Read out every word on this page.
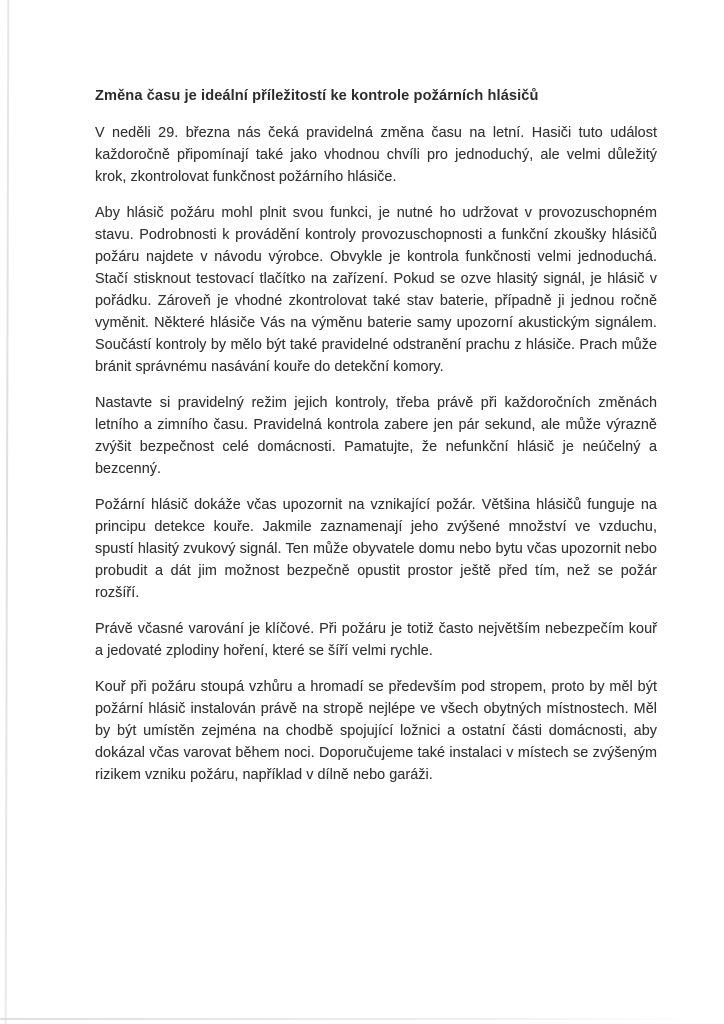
Změna času je ideální příležitostí ke kontrole požárních hlásičů

V neděli 29. března nás čeká pravidelná změna času na letní. Hasiči tuto událost každoročně připomínají také jako vhodnou chvíli pro jednoduchý, ale velmi důležitý krok, zkontrolovat funkčnost požárního hlásiče.

Aby hlásič požáru mohl plnit svou funkci, je nutné ho udržovat v provozuschopném stavu. Podrobnosti k provádění kontroly provozuschopnosti a funkční zkoušky hlásičů požáru najdete v návodu výrobce. Obvykle je kontrola funkčnosti velmi jednoduchá. Stačí stisknout testovací tlačítko na zařízení. Pokud se ozve hlasitý signál, je hlásič v pořádku. Zároveň je vhodné zkontrolovat také stav baterie, případně ji jednou ročně vyměnit. Některé hlásiče Vás na výměnu baterie samy upozorní akustickým signálem. Součástí kontroly by mělo být také pravidelné odstranění prachu z hlásiče. Prach může bránit správnému nasávání kouře do detekční komory.

Nastavte si pravidelný režim jejich kontroly, třeba právě při každoročních změnách letního a zimního času. Pravidelná kontrola zabere jen pár sekund, ale může výrazně zvýšit bezpečnost celé domácnosti. Pamatujte, že nefunkční hlásič je neúčelný a bezcenný.

Požární hlásič dokáže včas upozornit na vznikající požár. Většina hlásičů funguje na principu detekce kouře. Jakmile zaznamenají jeho zvýšené množství ve vzduchu, spustí hlasitý zvukový signál. Ten může obyvatele domu nebo bytu včas upozornit nebo probudit a dát jim možnost bezpečně opustit prostor ještě před tím, než se požár rozšíří.

Právě včasné varování je klíčové. Při požáru je totiž často největším nebezpečím kouř a jedovaté zplodiny hoření, které se šíří velmi rychle.

Kouř při požáru stoupá vzhůru a hromadí se především pod stropem, proto by měl být požární hlásič instalován právě na stropě nejlépe ve všech obytných místnostech. Měl by být umístěn zejména na chodbě spojující ložnici a ostatní části domácnosti, aby dokázal včas varovat během noci. Doporučujeme také instalaci v místech se zvýšeným rizikem vzniku požáru, například v dílně nebo garáži.
